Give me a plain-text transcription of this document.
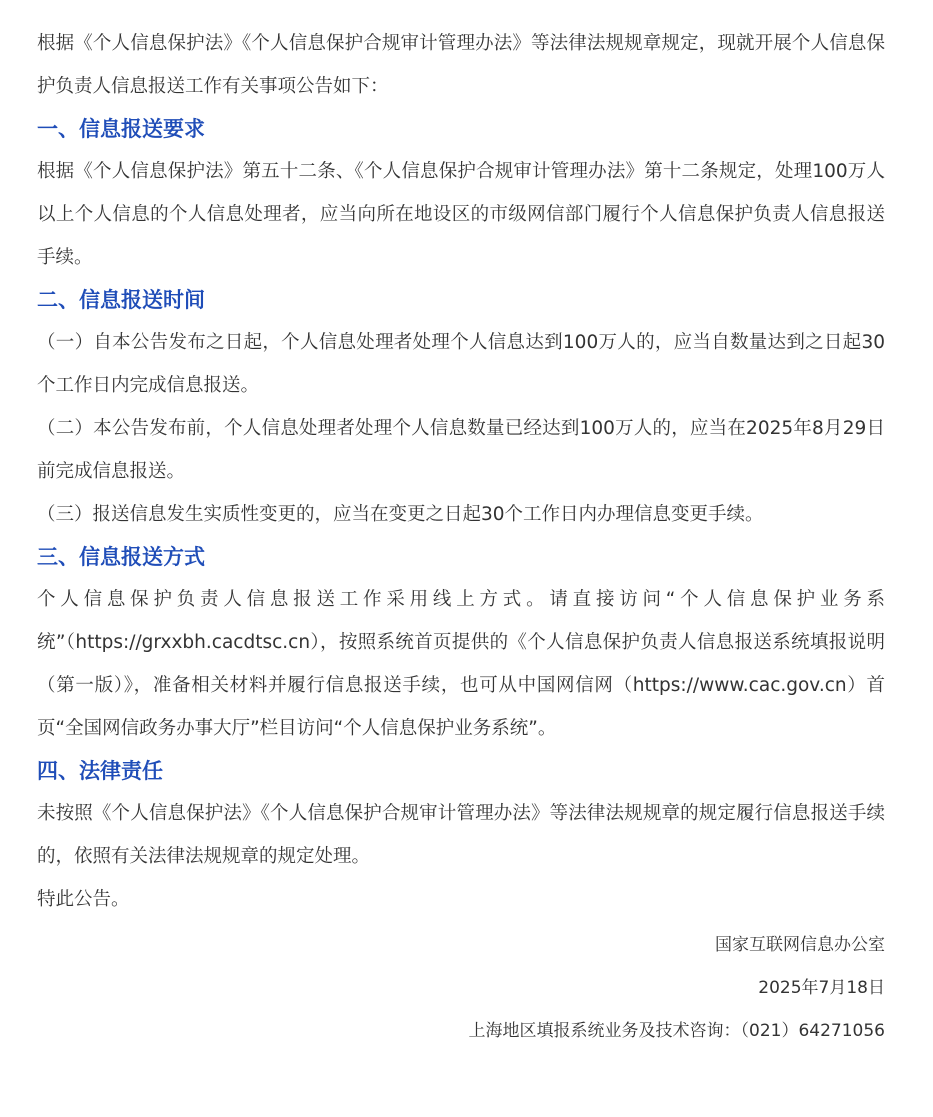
根据《个人信息保护法》《个人信息保护合规审计管理办法》等法律法规规章规定，现就开展个人信息保护负责人信息报送工作有关事项公告如下：

一、信息报送要求

根据《个人信息保护法》第五十二条、《个人信息保护合规审计管理办法》第十二条规定，处理100万人以上个人信息的个人信息处理者，应当向所在地设区的市级网信部门履行个人信息保护负责人信息报送手续。

二、信息报送时间

（一）自本公告发布之日起，个人信息处理者处理个人信息达到100万人的，应当自数量达到之日起30个工作日内完成信息报送。

（二）本公告发布前，个人信息处理者处理个人信息数量已经达到100万人的，应当在2025年8月29日前完成信息报送。

（三）报送信息发生实质性变更的，应当在变更之日起30个工作日内办理信息变更手续。

三、信息报送方式

个人信息保护负责人信息报送工作采用线上方式。请直接访问“个人信息保护业务系统”（https://grxxbh.cacdtsc.cn），按照系统首页提供的《个人信息保护负责人信息报送系统填报说明（第一版）》，准备相关材料并履行信息报送手续，也可从中国网信网（https://www.cac.gov.cn）首页“全国网信政务办事大厅”栏目访问“个人信息保护业务系统”。

四、法律责任

未按照《个人信息保护法》《个人信息保护合规审计管理办法》等法律法规规章的规定履行信息报送手续的，依照有关法律法规规章的规定处理。

特此公告。

国家互联网信息办公室

2025年7月18日

上海地区填报系统业务及技术咨询：（021）64271056
